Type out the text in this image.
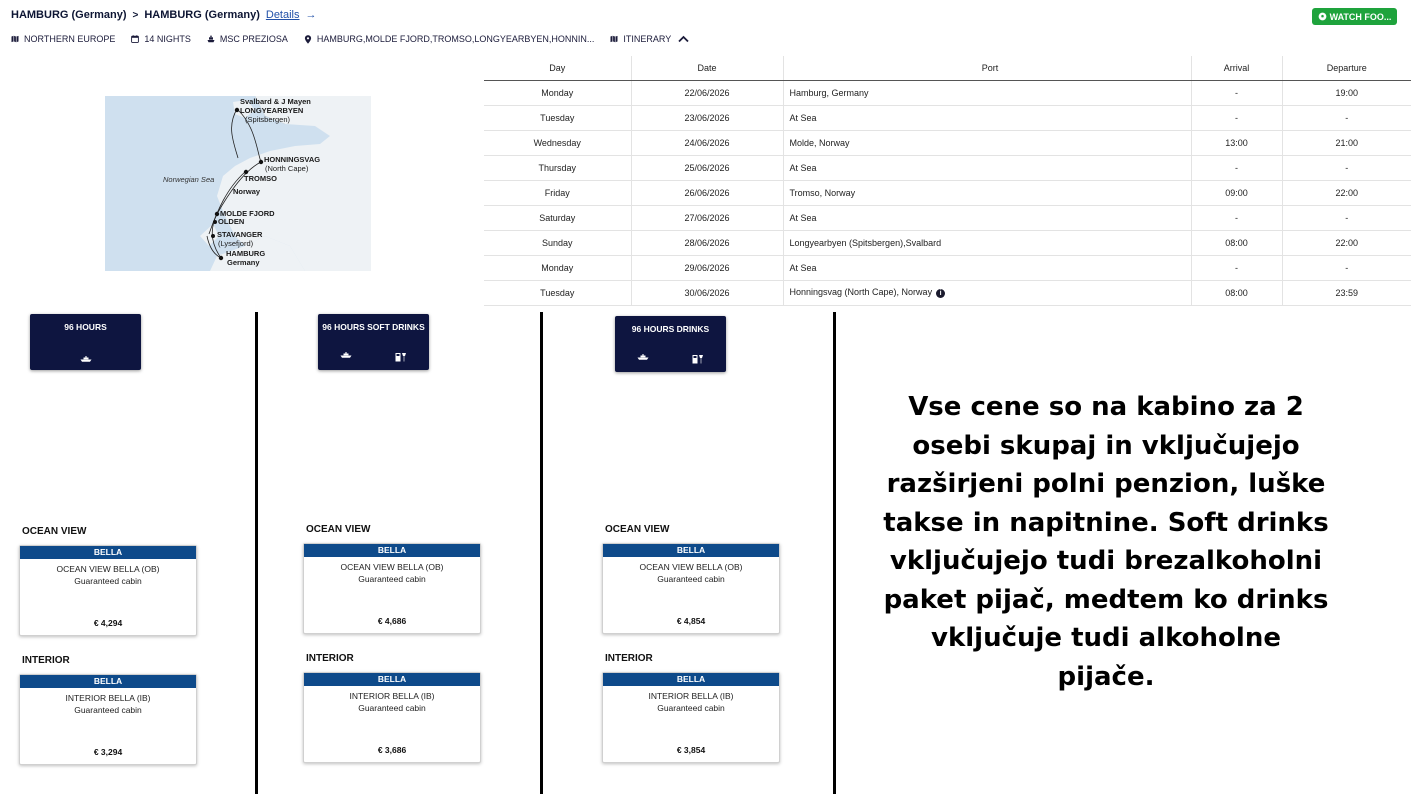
HAMBURG (Germany) > HAMBURG (Germany) Details →	WATCH FOO...
NORTHERN EUROPE	14 NIGHTS	MSC PREZIOSA	HAMBURG,MOLDE FJORD,TROMSO,LONGYEARBYEN,HONNIN...	ITINERARY
Svalbard & J Mayen
LONGYEARBYEN
(Spitsbergen)
HONNINGSVAG
(North Cape)
TROMSO
Norwegian Sea
Norway
MOLDE FJORD
OLDEN
STAVANGER
(Lysefjord)
HAMBURG
Germany
Day	Date	Port	Arrival	Departure
Monday	22/06/2026	Hamburg, Germany	-	19:00
Tuesday	23/06/2026	At Sea	-	-
Wednesday	24/06/2026	Molde, Norway	13:00	21:00
Thursday	25/06/2026	At Sea	-	-
Friday	26/06/2026	Tromso, Norway	09:00	22:00
Saturday	27/06/2026	At Sea	-	-
Sunday	28/06/2026	Longyearbyen (Spitsbergen),Svalbard	08:00	22:00
Monday	29/06/2026	At Sea	-	-
Tuesday	30/06/2026	Honningsvag (North Cape), Norway i	08:00	23:59
96 HOURS	96 HOURS SOFT DRINKS	96 HOURS DRINKS
OCEAN VIEW
BELLA
OCEAN VIEW BELLA (OB)
Guaranteed cabin
€ 4,294
INTERIOR
BELLA
INTERIOR BELLA (IB)
Guaranteed cabin
€ 3,294
OCEAN VIEW
BELLA
OCEAN VIEW BELLA (OB)
Guaranteed cabin
€ 4,686
INTERIOR
BELLA
INTERIOR BELLA (IB)
Guaranteed cabin
€ 3,686
OCEAN VIEW
BELLA
OCEAN VIEW BELLA (OB)
Guaranteed cabin
€ 4,854
INTERIOR
BELLA
INTERIOR BELLA (IB)
Guaranteed cabin
€ 3,854
Vse cene so na kabino za 2
osebi skupaj in vključujejo
razširjeni polni penzion, luške
takse in napitnine. Soft drinks
vključujejo tudi brezalkoholni
paket pijač, medtem ko drinks
vključuje tudi alkoholne pijače.
